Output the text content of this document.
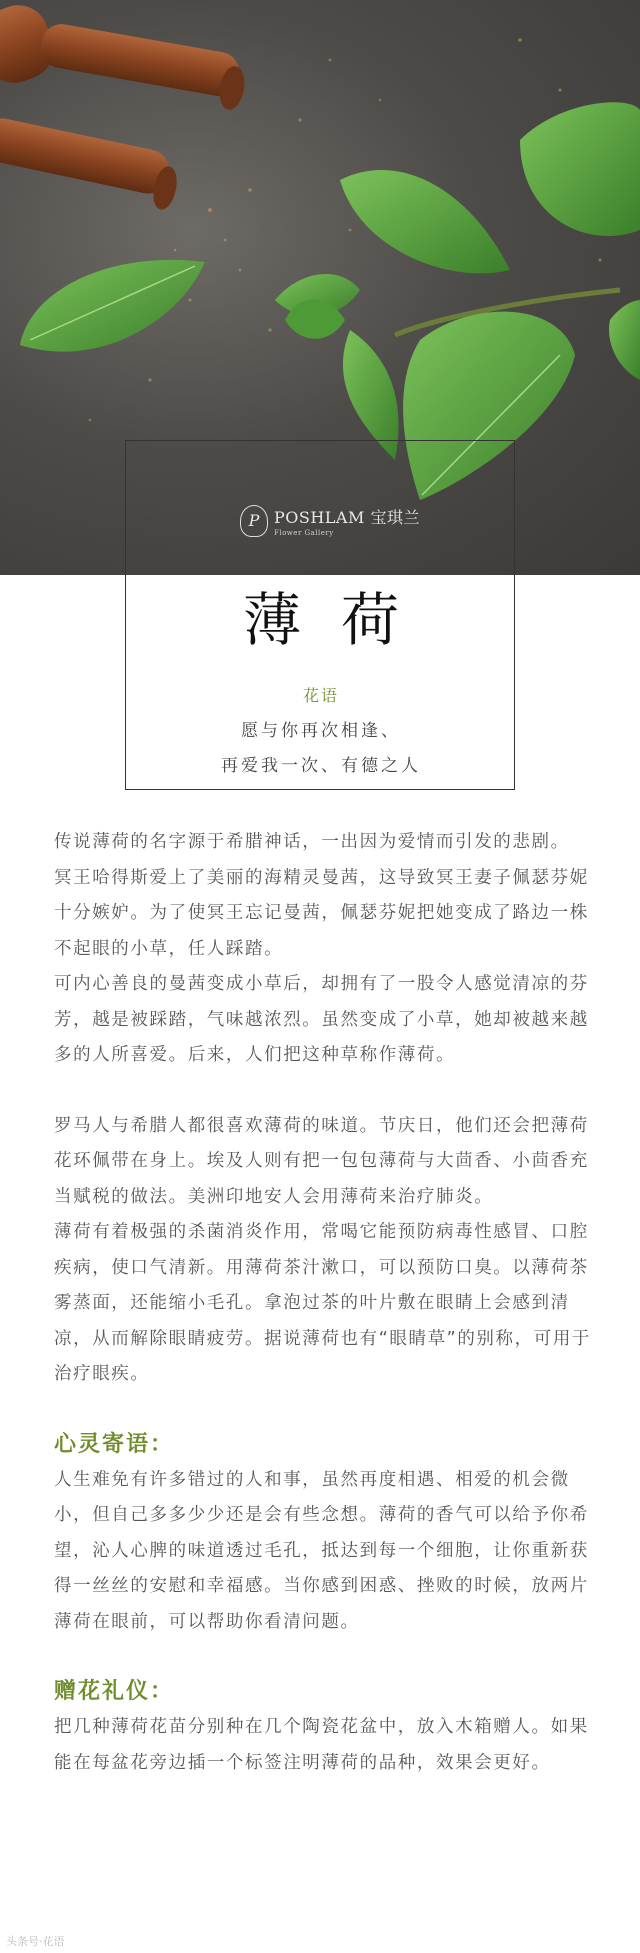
P POSHLAM 宝琪兰
Flower Gallery
薄荷
花语
愿与你再次相逢、
再爱我一次、有德之人

传说薄荷的名字源于希腊神话，一出因为爱情而引发的悲剧。

冥王哈得斯爱上了美丽的海精灵曼茜，这导致冥王妻子佩瑟芬妮十分嫉妒。为了使冥王忘记曼茜，佩瑟芬妮把她变成了路边一株不起眼的小草，任人踩踏。

可内心善良的曼茜变成小草后，却拥有了一股令人感觉清凉的芬芳，越是被踩踏，气味越浓烈。虽然变成了小草，她却被越来越多的人所喜爱。后来，人们把这种草称作薄荷。

罗马人与希腊人都很喜欢薄荷的味道。节庆日，他们还会把薄荷花环佩带在身上。埃及人则有把一包包薄荷与大茴香、小茴香充当赋税的做法。美洲印地安人会用薄荷来治疗肺炎。

薄荷有着极强的杀菌消炎作用，常喝它能预防病毒性感冒、口腔疾病，使口气清新。用薄荷茶汁漱口，可以预防口臭。以薄荷茶雾蒸面，还能缩小毛孔。拿泡过茶的叶片敷在眼睛上会感到清凉，从而解除眼睛疲劳。据说薄荷也有“眼睛草”的别称，可用于治疗眼疾。

心灵寄语：

人生难免有许多错过的人和事，虽然再度相遇、相爱的机会微小，但自己多多少少还是会有些念想。薄荷的香气可以给予你希望，沁人心脾的味道透过毛孔，抵达到每一个细胞，让你重新获得一丝丝的安慰和幸福感。当你感到困惑、挫败的时候，放两片薄荷在眼前，可以帮助你看清问题。

赠花礼仪：

把几种薄荷花苗分别种在几个陶瓷花盆中，放入木箱赠人。如果能在每盆花旁边插一个标签注明薄荷的品种，效果会更好。

头条号·花语
